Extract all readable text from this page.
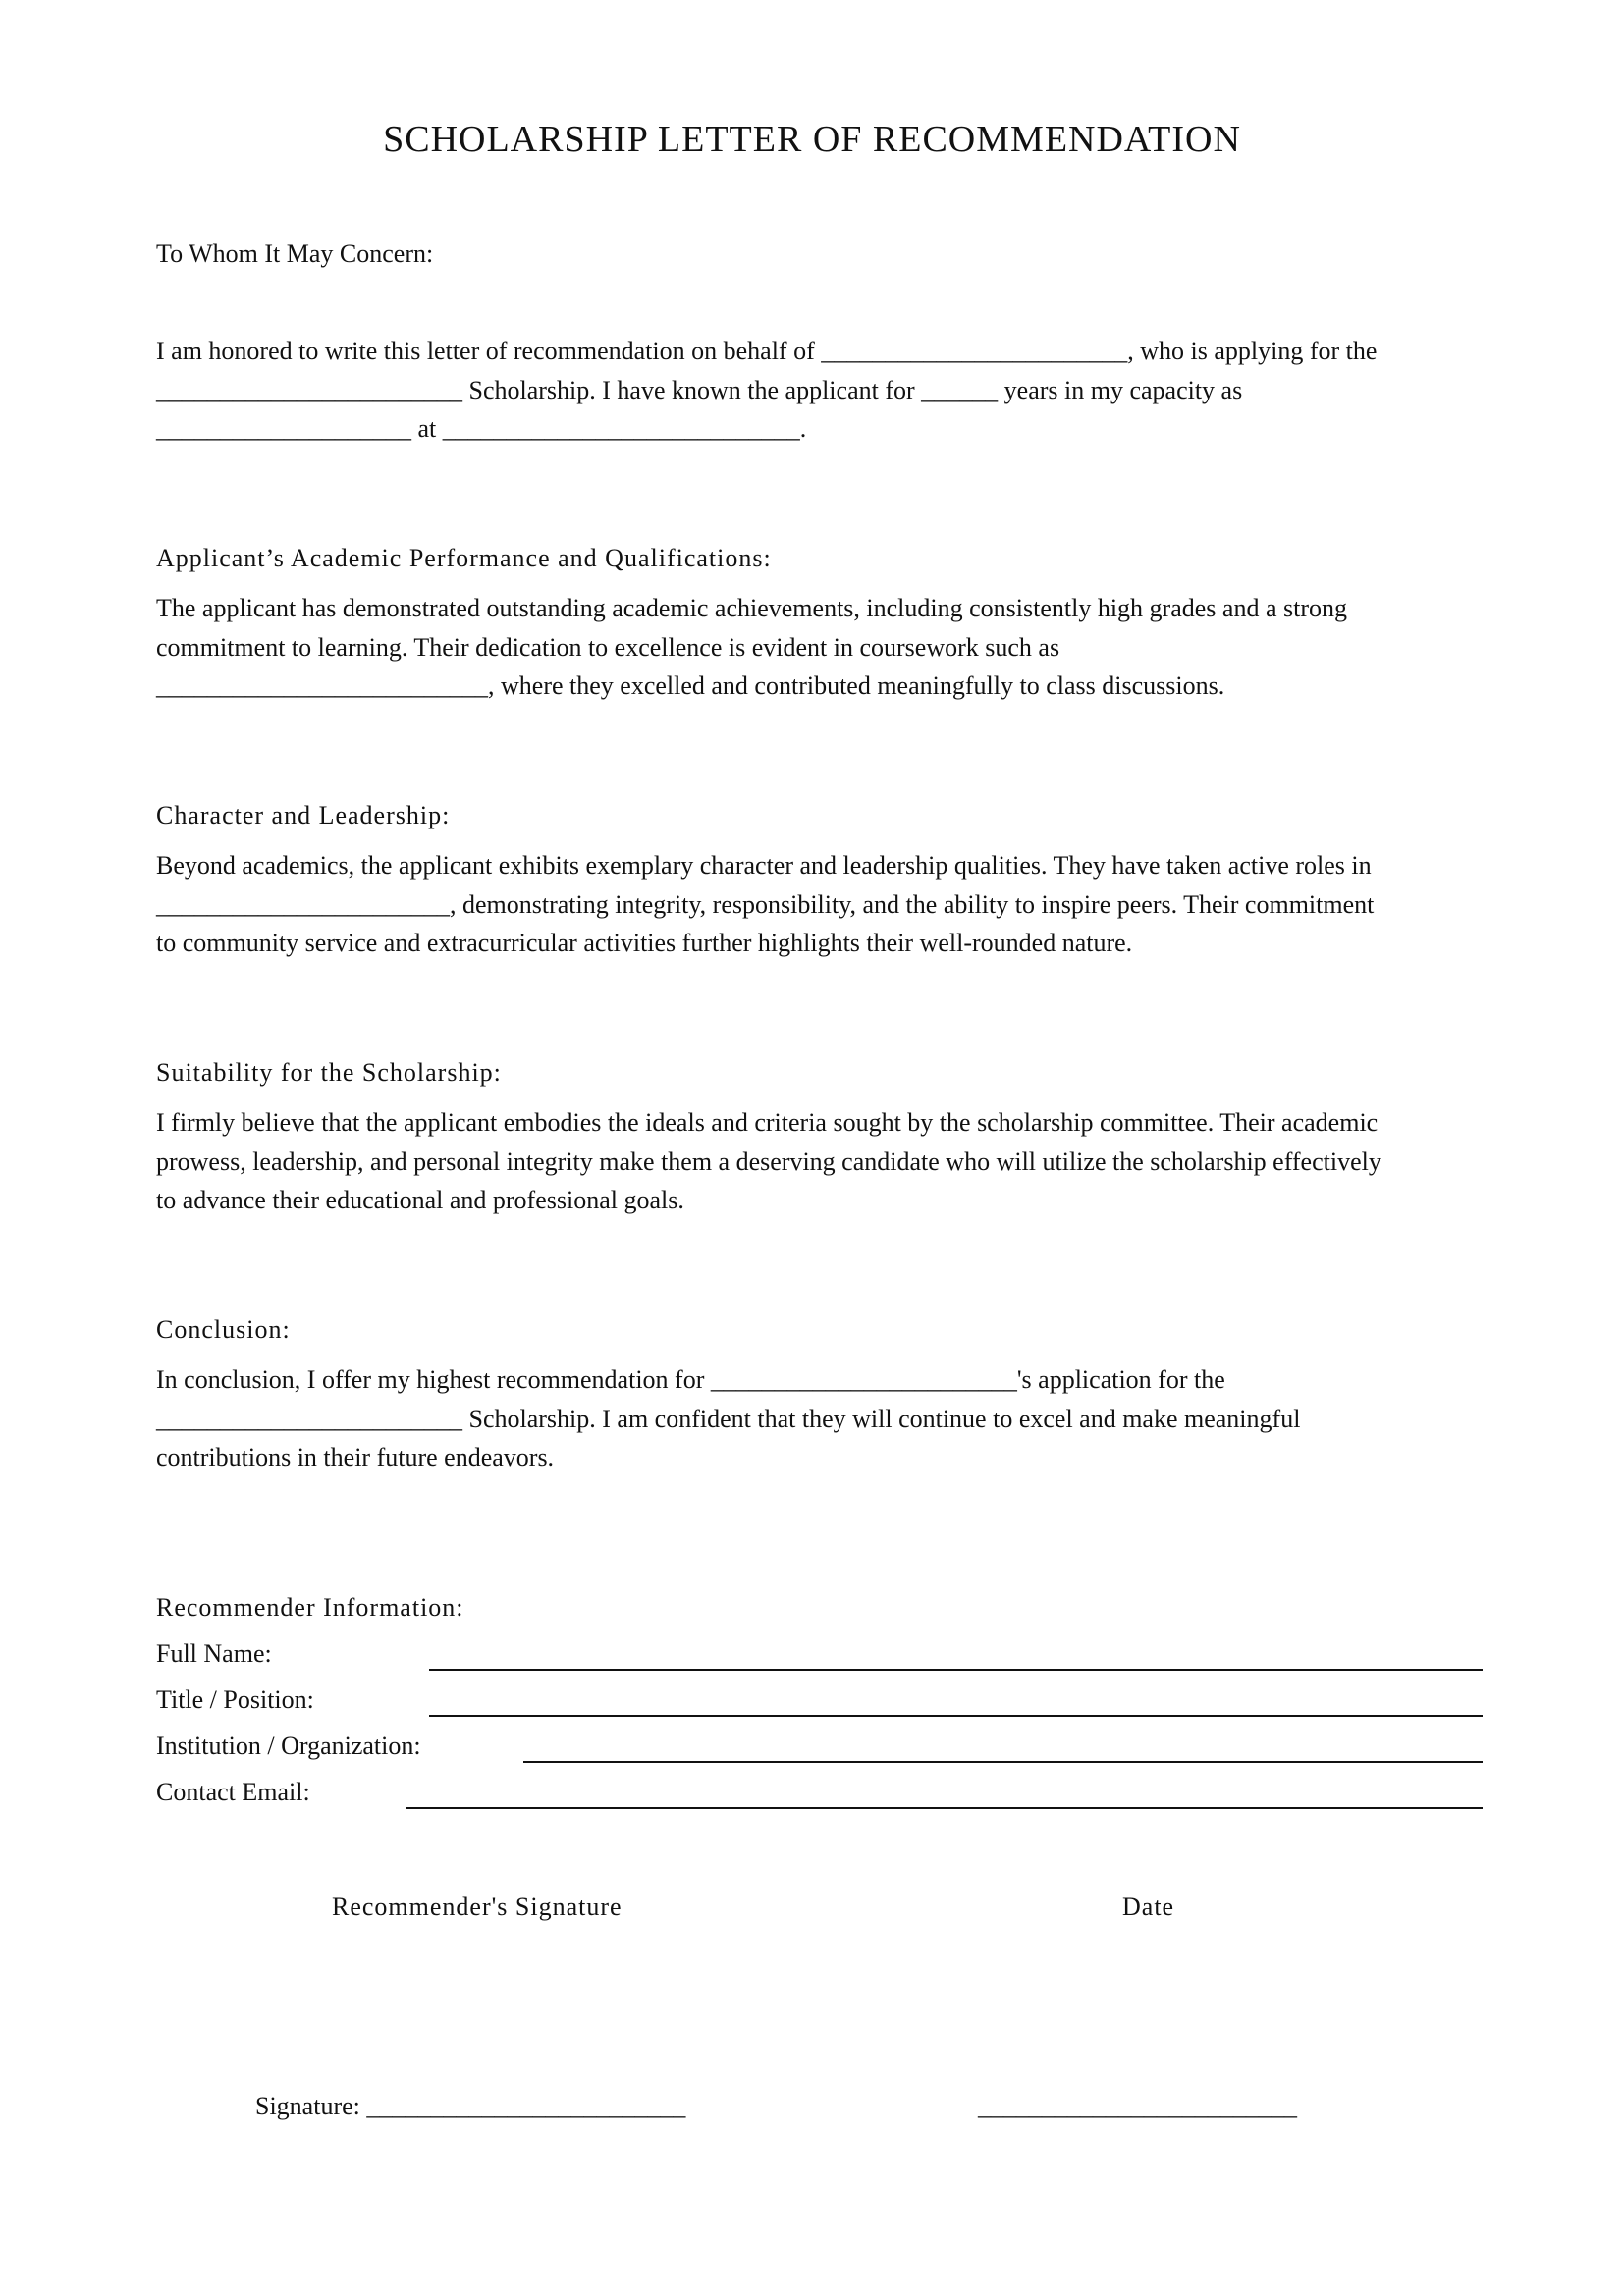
SCHOLARSHIP LETTER OF RECOMMENDATION
To Whom It May Concern:
I am honored to write this letter of recommendation on behalf of ________________________, who is applying for the
________________________ Scholarship. I have known the applicant for ______ years in my capacity as
____________________ at ____________________________.
Applicant’s Academic Performance and Qualifications:
The applicant has demonstrated outstanding academic achievements, including consistently high grades and a strong
commitment to learning. Their dedication to excellence is evident in coursework such as
__________________________, where they excelled and contributed meaningfully to class discussions.
Character and Leadership:
Beyond academics, the applicant exhibits exemplary character and leadership qualities. They have taken active roles in
_______________________, demonstrating integrity, responsibility, and the ability to inspire peers. Their commitment
to community service and extracurricular activities further highlights their well-rounded nature.
Suitability for the Scholarship:
I firmly believe that the applicant embodies the ideals and criteria sought by the scholarship committee. Their academic
prowess, leadership, and personal integrity make them a deserving candidate who will utilize the scholarship effectively
to advance their educational and professional goals.
Conclusion:
In conclusion, I offer my highest recommendation for ________________________'s application for the
________________________ Scholarship. I am confident that they will continue to excel and make meaningful
contributions in their future endeavors.
Recommender Information:
Full Name:
Title / Position:
Institution / Organization:
Contact Email:
Recommender's Signature	Date
Signature: _________________________	_________________________
